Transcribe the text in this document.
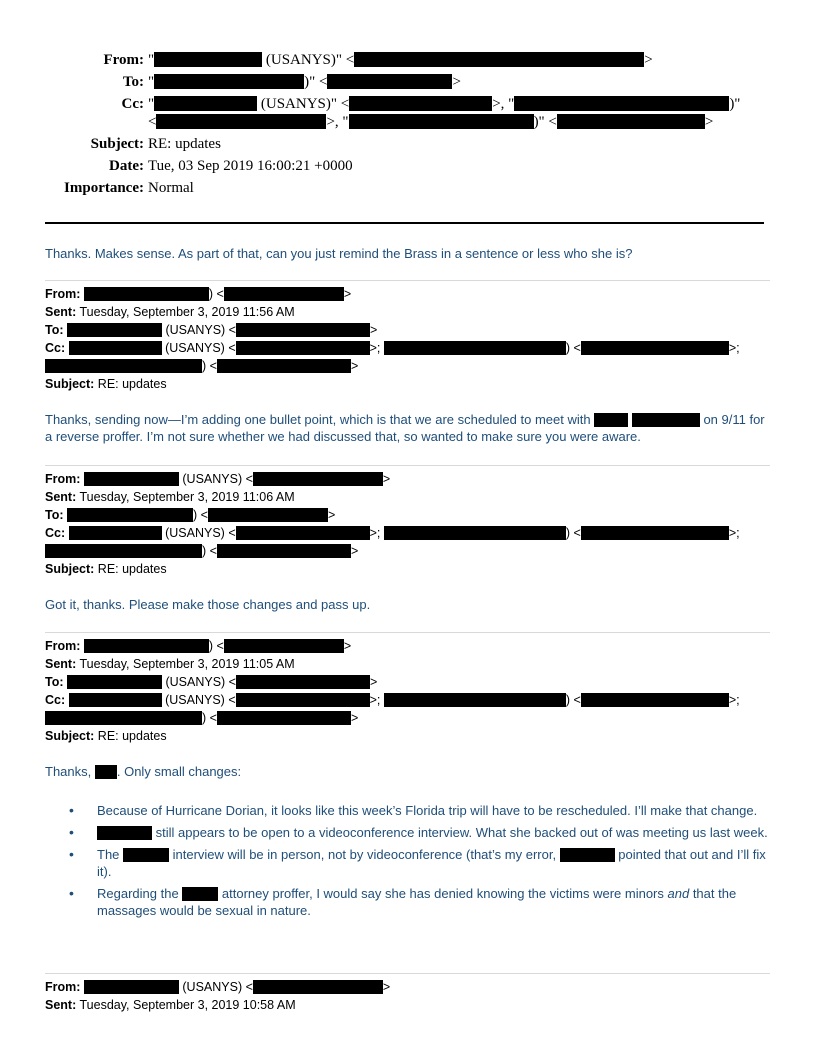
From: "	(USANYS)" <	>
To: "	)" <	>
Cc: "	(USANYS)" <	>, "	)"
<	>, "	)" <	>
Subject: RE: updates
Date: Tue, 03 Sep 2019 16:00:21 +0000
Importance: Normal
Thanks. Makes sense. As part of that, can you just remind the Brass in a sentence or less who she is?
From:	) <	>
Sent: Tuesday, September 3, 2019 11:56 AM
To:	(USANYS) <	>
Cc:	(USANYS) <	>;	) <	>;
) <	>
Subject: RE: updates
Thanks, sending now—I’m adding one bullet point, which is that we are scheduled to meet with	on 9/11 for a reverse proffer. I’m not sure whether we had discussed that, so wanted to make sure you were aware.
From:	(USANYS) <	>
Sent: Tuesday, September 3, 2019 11:06 AM
To:	) <	>
Cc:	(USANYS) <	>;	) <	>;
) <	>
Subject: RE: updates
Got it, thanks. Please make those changes and pass up.
From:	) <	>
Sent: Tuesday, September 3, 2019 11:05 AM
To:	(USANYS) <	>
Cc:	(USANYS) <	>;	) <	>;
) <	>
Subject: RE: updates
Thanks, . Only small changes:
• Because of Hurricane Dorian, it looks like this week’s Florida trip will have to be rescheduled. I’ll make that change.
• still appears to be open to a videoconference interview. What she backed out of was meeting us last week.
• The	interview will be in person, not by videoconference (that’s my error,	pointed that out and I’ll fix it).
• Regarding the	attorney proffer, I would say she has denied knowing the victims were minors and that the massages would be sexual in nature.
From:	(USANYS) <	>
Sent: Tuesday, September 3, 2019 10:58 AM
